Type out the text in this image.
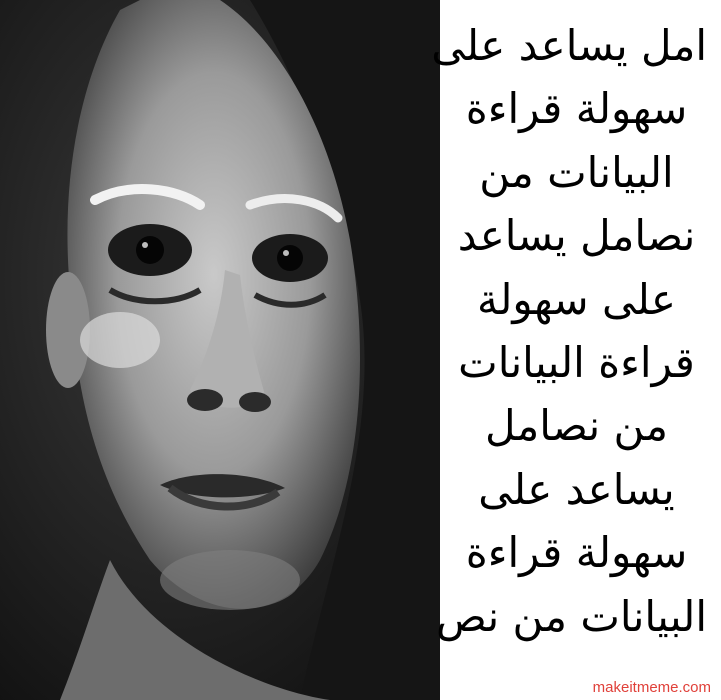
امل يساعد على
سهولة قراءة
البيانات من
نصامل يساعد
على سهولة
قراءة البيانات
من نصامل
يساعد على
سهولة قراءة
البيانات من نص
makeitmeme.com
